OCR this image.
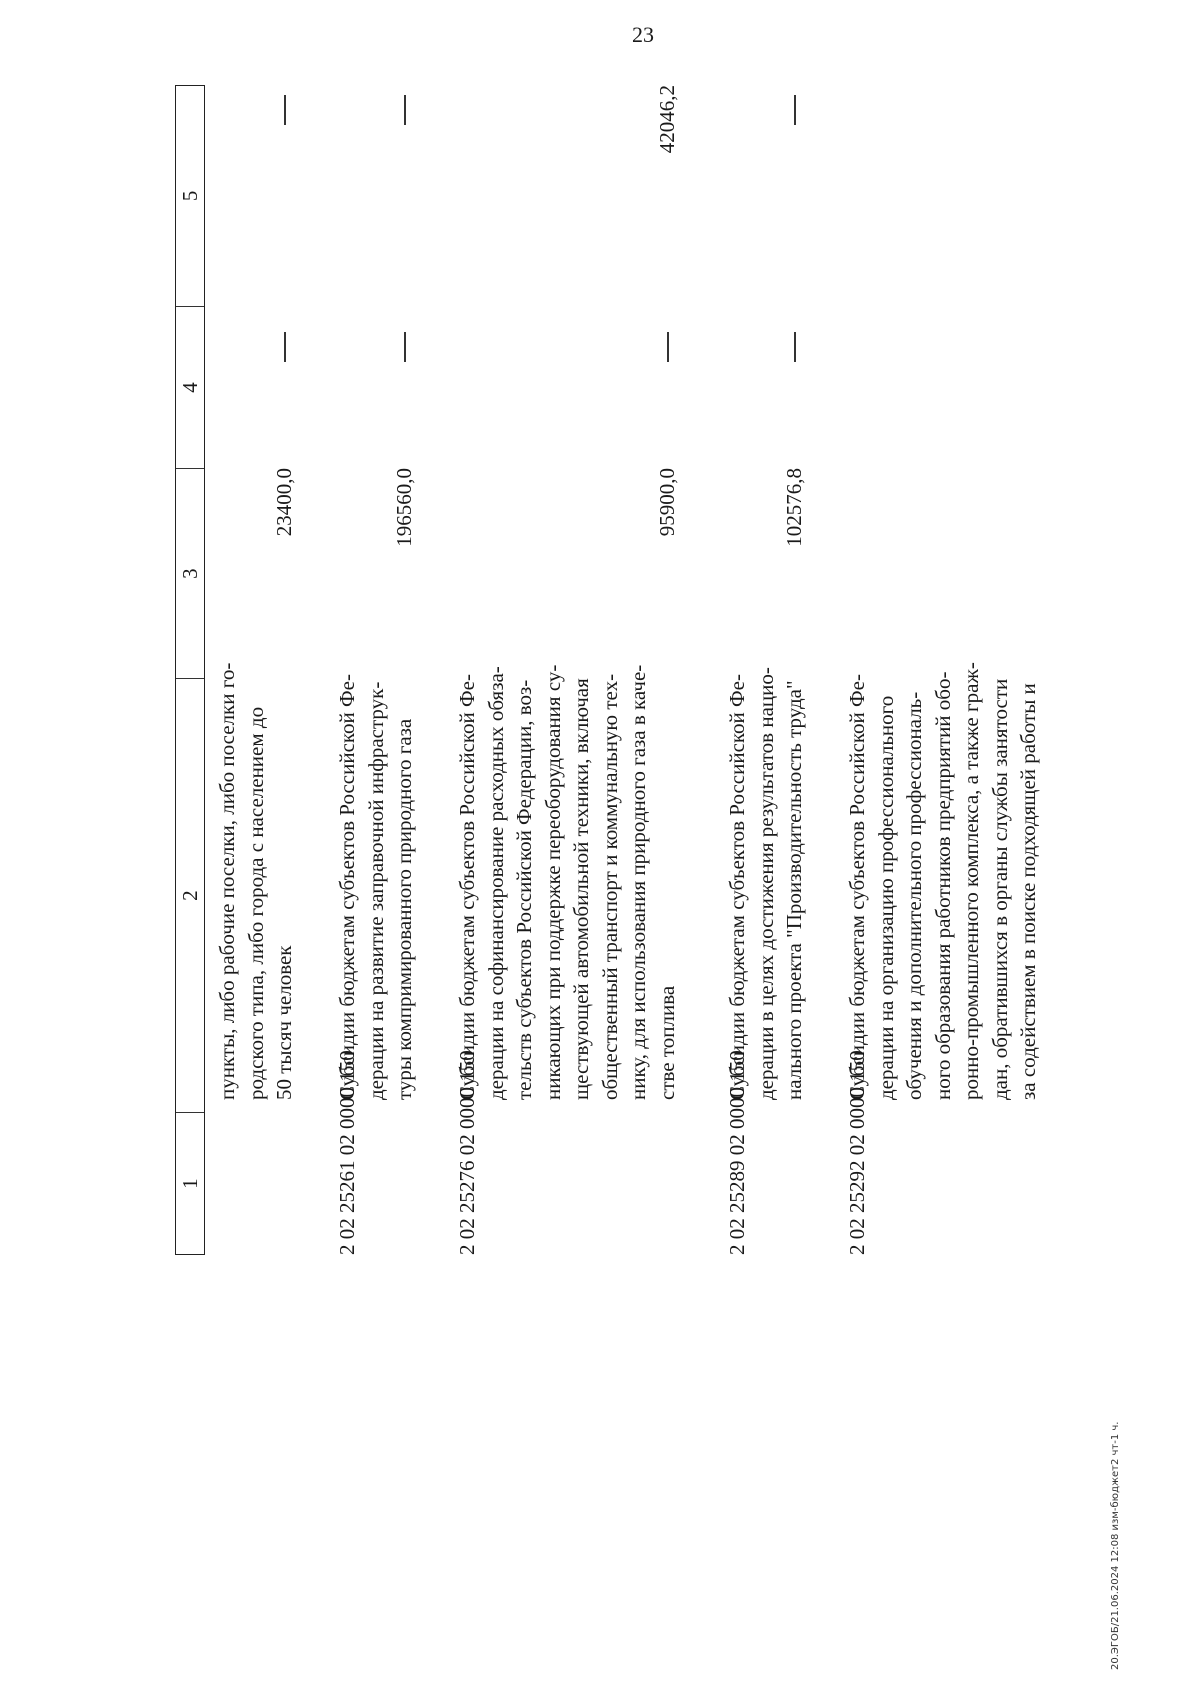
23
1
2
3
4
5
пункты, либо рабочие поселки, либо поселки го- родского типа, либо города с населением до 50 тысяч человек
23400,0
2 02 25261 02 0000 150
Субсидии бюджетам субъектов Российской Фе- дерации на развитие заправочной инфраструк- туры компримированного природного газа
196560,0
2 02 25276 02 0000 150
Субсидии бюджетам субъектов Российской Фе- дерации на софинансирование расходных обяза- тельств субъектов Российской Федерации, воз- никающих при поддержке переоборудования су- ществующей автомобильной техники, включая общественный транспорт и коммунальную тех- нику, для использования природного газа в каче- стве топлива
95900,0
42046,2
2 02 25289 02 0000 150
Субсидии бюджетам субъектов Российской Фе- дерации в целях достижения результатов нацио- нального проекта "Производительность труда"
102576,8
2 02 25292 02 0000 150
Субсидии бюджетам субъектов Российской Фе- дерации на организацию профессионального обучения и дополнительного профессиональ- ного образования работников предприятий обо- ронно-промышленного комплекса, а также граж- дан, обратившихся в органы службы занятости за содействием в поиске подходящей работы и
20.ЭГОБ/21.06.2024 12:08 изм-бюджет2 чт-1 ч.
